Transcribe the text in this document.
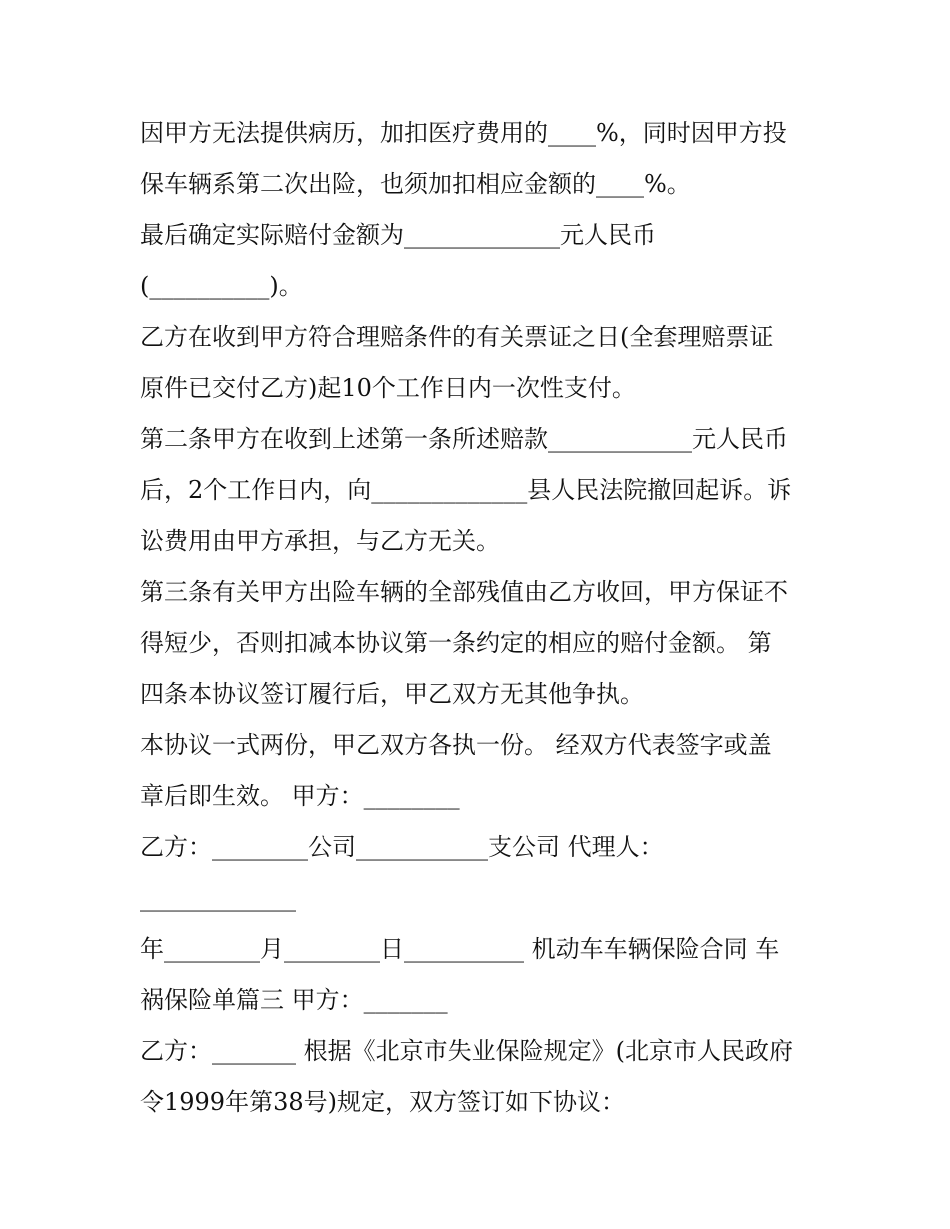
因甲方无法提供病历，加扣医疗费用的____%，同时因甲方投
保车辆系第二次出险，也须加扣相应金额的____%。
最后确定实际赔付金额为_____________元人民币
(__________)。
乙方在收到甲方符合理赔条件的有关票证之日(全套理赔票证
原件已交付乙方)起10个工作日内一次性支付。
第二条甲方在收到上述第一条所述赔款____________元人民币
后，2个工作日内，向_____________县人民法院撤回起诉。诉
讼费用由甲方承担，与乙方无关。
第三条有关甲方出险车辆的全部残值由乙方收回，甲方保证不
得短少，否则扣减本协议第一条约定的相应的赔付金额。 第
四条本协议签订履行后，甲乙双方无其他争执。
本协议一式两份，甲乙双方各执一份。 经双方代表签字或盖
章后即生效。 甲方：________
乙方：________公司___________支公司 代理人：
_____________
年________月________日__________ 机动车车辆保险合同 车
祸保险单篇三 甲方：_______
乙方：_______ 根据《北京市失业保险规定》(北京市人民政府
令1999年第38号)规定，双方签订如下协议：
